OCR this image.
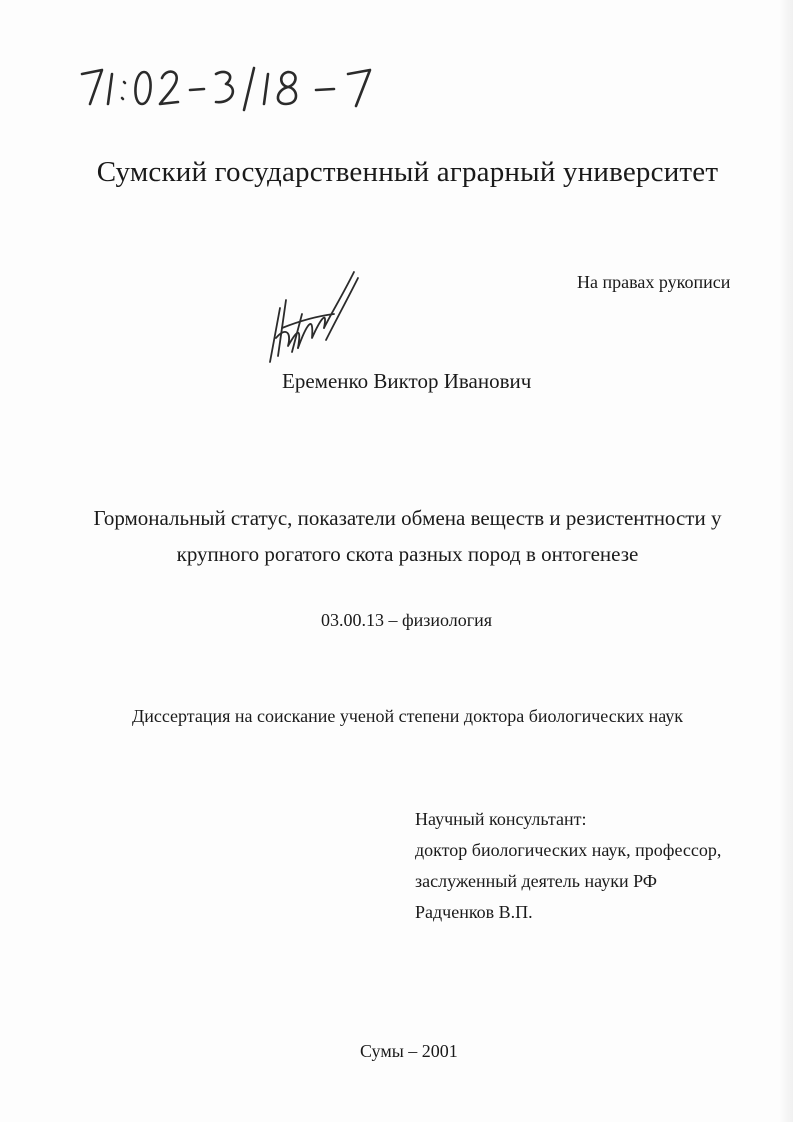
Сумский государственный аграрный университет
На правах рукописи
Еременко Виктор Иванович
Гормональный статус, показатели обмена веществ и резистентности у
крупного рогатого скота разных пород в онтогенезе
03.00.13 – физиология
Диссертация на соискание ученой степени доктора биологических наук
Научный консультант:
доктор биологических наук, профессор,
заслуженный деятель науки РФ
Радченков В.П.
Сумы – 2001
